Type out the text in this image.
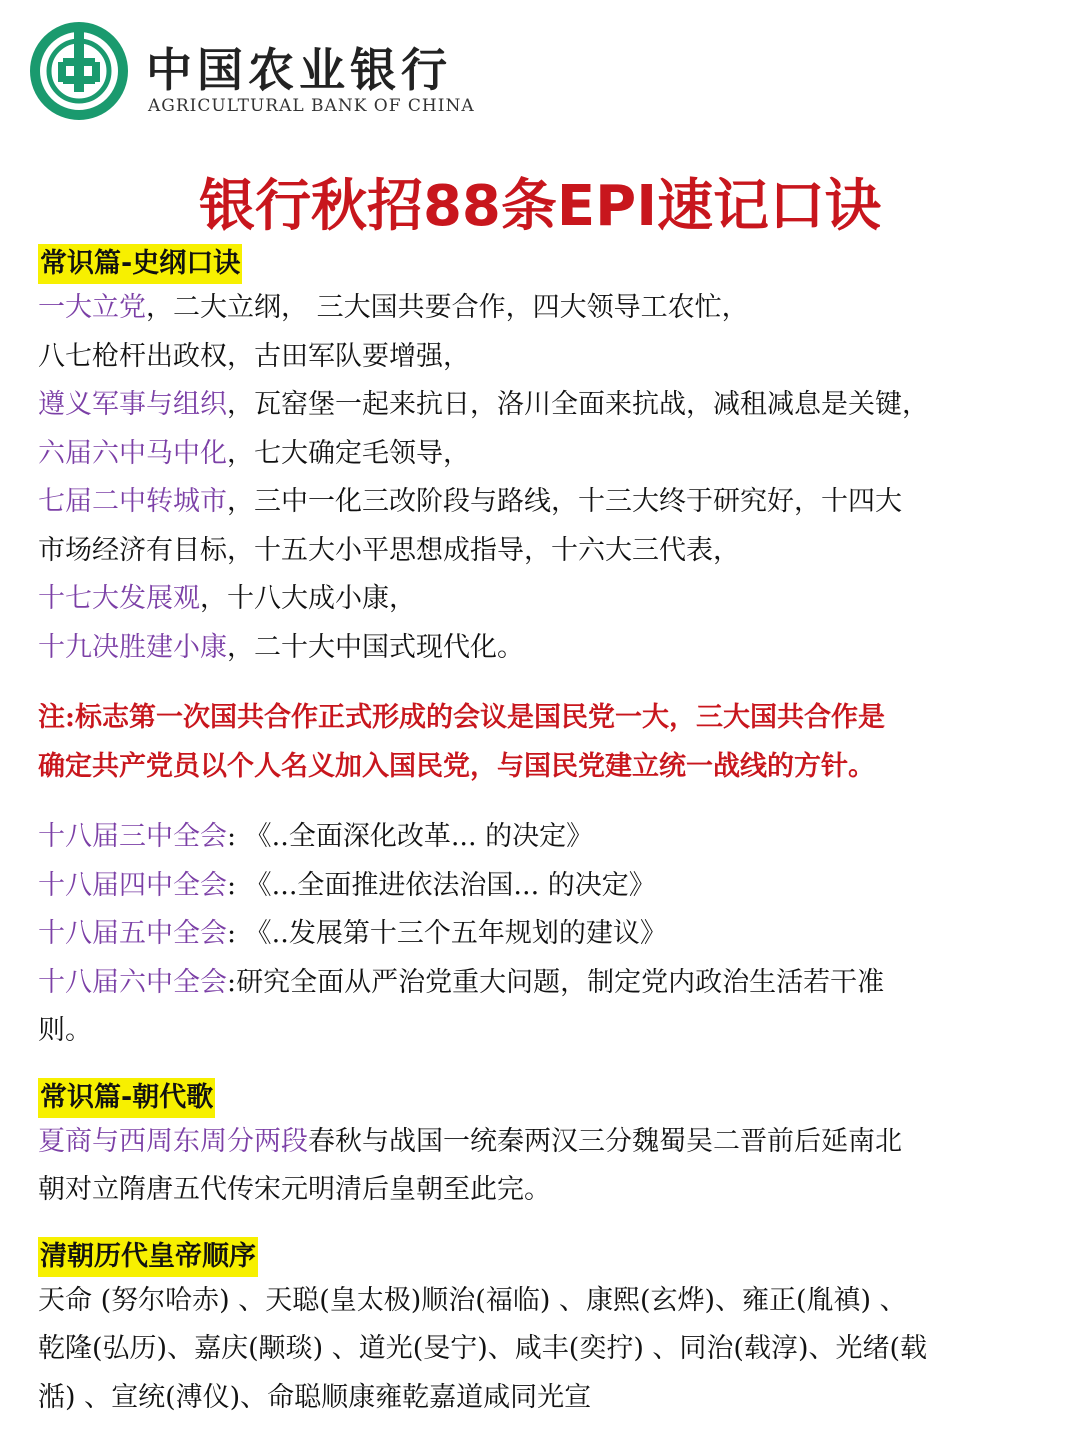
中国农业银行
AGRICULTURAL BANK OF CHINA
银行秋招88条EPI速记口诀
常识篇-史纲口诀

一大立党，二大立纲， 三大国共要合作，四大领导工农忙，

八七枪杆出政权，古田军队要增强，

遵义军事与组织，瓦窑堡一起来抗日，洛川全面来抗战，减租减息是关键，

六届六中马中化，七大确定毛领导，

七届二中转城市，三中一化三改阶段与路线，十三大终于研究好，十四大

市场经济有目标，十五大小平思想成指导，十六大三代表，

十七大发展观，十八大成小康，

十九决胜建小康，二十大中国式现代化。

注:标志第一次国共合作正式形成的会议是国民党一大，三大国共合作是

确定共产党员以个人名义加入国民党，与国民党建立统一战线的方针。

十八届三中全会: 《..全面深化改革... 的决定》

十八届四中全会: 《...全面推进依法治国... 的决定》

十八届五中全会: 《..发展第十三个五年规划的建议》

十八届六中全会:研究全面从严治党重大问题，制定党内政治生活若干准

则。

常识篇-朝代歌

夏商与西周东周分两段春秋与战国一统秦两汉三分魏蜀吴二晋前后延南北

朝对立隋唐五代传宋元明清后皇朝至此完。

清朝历代皇帝顺序

天命 (努尔哈赤) 、天聪(皇太极)顺治(福临) 、康熙(玄烨)、雍正(胤禛) 、

乾隆(弘历)、嘉庆(颙琰) 、道光(旻宁)、咸丰(奕拧) 、同治(载淳)、光绪(载

湉) 、宣统(溥仪)、命聪顺康雍乾嘉道咸同光宣
